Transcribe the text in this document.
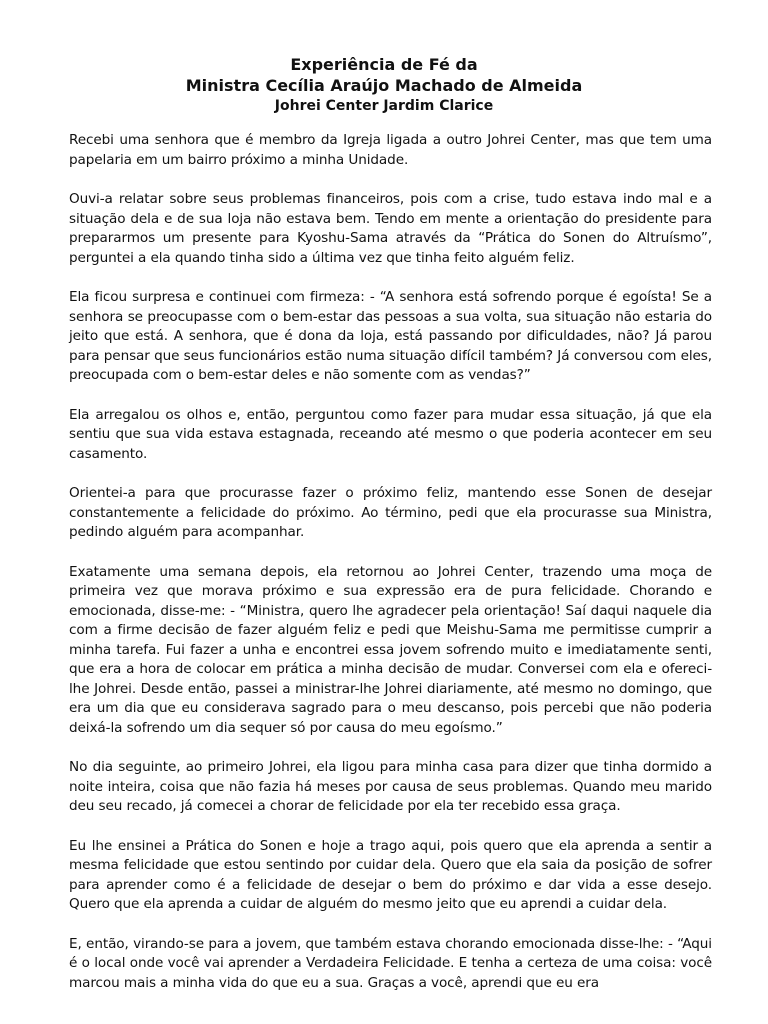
Experiência de Fé da
Ministra Cecília Araújo Machado de Almeida
Johrei Center Jardim Clarice

Recebi uma senhora que é membro da Igreja ligada a outro Johrei Center, mas que tem uma papelaria em um bairro próximo a minha Unidade.

Ouvi-a relatar sobre seus problemas financeiros, pois com a crise, tudo estava indo mal e a situação dela e de sua loja não estava bem. Tendo em mente a orientação do presidente para prepararmos um presente para Kyoshu-Sama através da “Prática do Sonen do Altruísmo”, perguntei a ela quando tinha sido a última vez que tinha feito alguém feliz.

Ela ficou surpresa e continuei com firmeza: - “A senhora está sofrendo porque é egoísta! Se a senhora se preocupasse com o bem-estar das pessoas a sua volta, sua situação não estaria do jeito que está. A senhora, que é dona da loja, está passando por dificuldades, não? Já parou para pensar que seus funcionários estão numa situação difícil também? Já conversou com eles, preocupada com o bem-estar deles e não somente com as vendas?”

Ela arregalou os olhos e, então, perguntou como fazer para mudar essa situação, já que ela sentiu que sua vida estava estagnada, receando até mesmo o que poderia acontecer em seu casamento.

Orientei-a para que procurasse fazer o próximo feliz, mantendo esse Sonen de desejar constantemente a felicidade do próximo. Ao término, pedi que ela procurasse sua Ministra, pedindo alguém para acompanhar.

Exatamente uma semana depois, ela retornou ao Johrei Center, trazendo uma moça de primeira vez que morava próximo e sua expressão era de pura felicidade. Chorando e emocionada, disse-me: - “Ministra, quero lhe agradecer pela orientação! Saí daqui naquele dia com a firme decisão de fazer alguém feliz e pedi que Meishu-Sama me permitisse cumprir a minha tarefa. Fui fazer a unha e encontrei essa jovem sofrendo muito e imediatamente senti, que era a hora de colocar em prática a minha decisão de mudar. Conversei com ela e ofereci-lhe Johrei. Desde então, passei a ministrar-lhe Johrei diariamente, até mesmo no domingo, que era um dia que eu considerava sagrado para o meu descanso, pois percebi que não poderia deixá-la sofrendo um dia sequer só por causa do meu egoísmo.”

No dia seguinte, ao primeiro Johrei, ela ligou para minha casa para dizer que tinha dormido a noite inteira, coisa que não fazia há meses por causa de seus problemas. Quando meu marido deu seu recado, já comecei a chorar de felicidade por ela ter recebido essa graça.

Eu lhe ensinei a Prática do Sonen e hoje a trago aqui, pois quero que ela aprenda a sentir a mesma felicidade que estou sentindo por cuidar dela. Quero que ela saia da posição de sofrer para aprender como é a felicidade de desejar o bem do próximo e dar vida a esse desejo. Quero que ela aprenda a cuidar de alguém do mesmo jeito que eu aprendi a cuidar dela.

E, então, virando-se para a jovem, que também estava chorando emocionada disse-lhe: - “Aqui é o local onde você vai aprender a Verdadeira Felicidade. E tenha a certeza de uma coisa: você marcou mais a minha vida do que eu a sua. Graças a você, aprendi que eu era
